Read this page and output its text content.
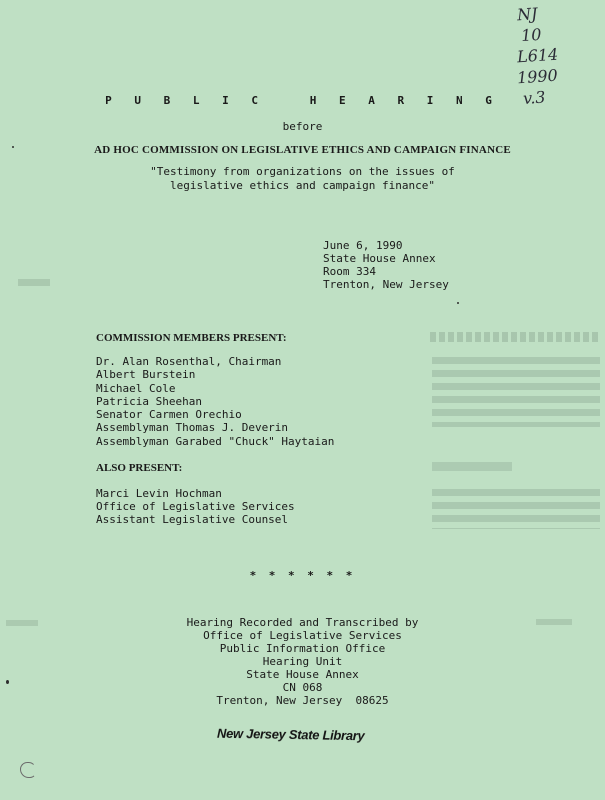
NJ
10
L614
1990
v.3
P U B L I C   H E A R I N G
before
AD HOC COMMISSION ON LEGISLATIVE ETHICS AND CAMPAIGN FINANCE
"Testimony from organizations on the issues of
legislative ethics and campaign finance"
June 6, 1990
State House Annex
Room 334
Trenton, New Jersey
COMMISSION MEMBERS PRESENT:
Dr. Alan Rosenthal, Chairman
Albert Burstein
Michael Cole
Patricia Sheehan
Senator Carmen Orechio
Assemblyman Thomas J. Deverin
Assemblyman Garabed "Chuck" Haytaian
ALSO PRESENT:
Marci Levin Hochman
Office of Legislative Services
Assistant Legislative Counsel
* * * * * *
Hearing Recorded and Transcribed by
Office of Legislative Services
Public Information Office
Hearing Unit
State House Annex
CN 068
Trenton, New Jersey  08625
New Jersey State Library
